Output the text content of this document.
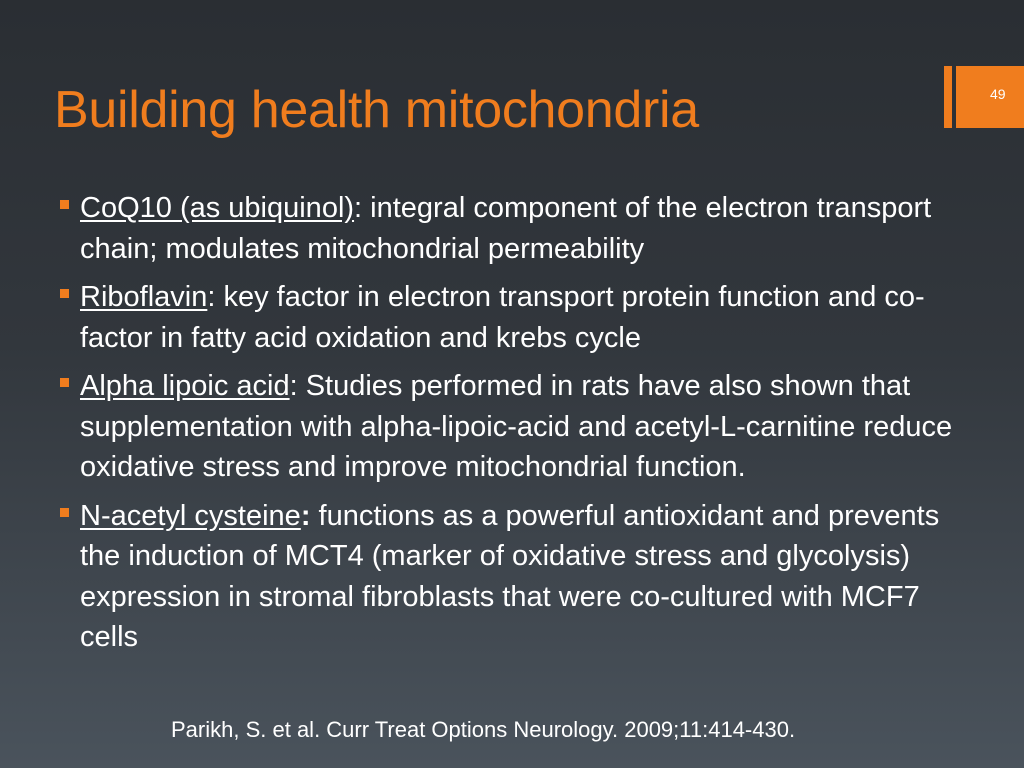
Building health mitochondria	49
CoQ10 (as ubiquinol): integral component of the electron transport chain; modulates mitochondrial permeability
Riboflavin: key factor in electron transport protein function and co-factor in fatty acid oxidation and krebs cycle
Alpha lipoic acid: Studies performed in rats have also shown that supplementation with alpha-lipoic-acid and acetyl-L-carnitine reduce oxidative stress and improve mitochondrial function.
N-acetyl cysteine: functions as a powerful antioxidant and prevents the induction of MCT4 (marker of oxidative stress and glycolysis) expression in stromal fibroblasts that were co-cultured with MCF7 cells
Parikh, S. et al. Curr Treat Options Neurology. 2009;11:414-430.
